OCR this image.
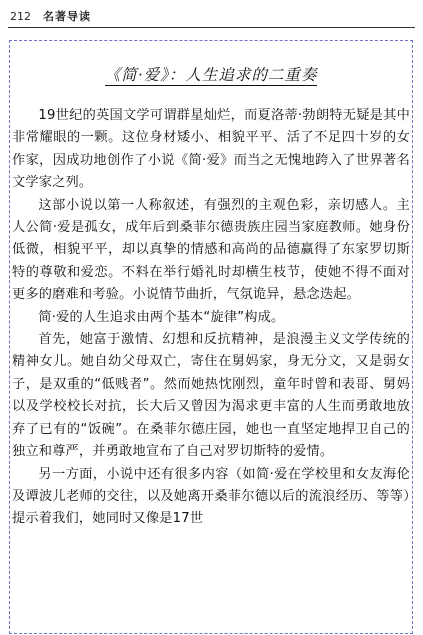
212 名著导读
《简·爱》：人生追求的二重奏

19世纪的英国文学可谓群星灿烂，而夏洛蒂·勃朗特无疑是其中非常耀眼的一颗。这位身材矮小、相貌平平、活了不足四十岁的女作家，因成功地创作了小说《简·爱》而当之无愧地跨入了世界著名文学家之列。

这部小说以第一人称叙述，有强烈的主观色彩，亲切感人。主人公简·爱是孤女，成年后到桑菲尔德贵族庄园当家庭教师。她身份低微，相貌平平，却以真挚的情感和高尚的品德赢得了东家罗切斯特的尊敬和爱恋。不料在举行婚礼时却横生枝节，使她不得不面对更多的磨难和考验。小说情节曲折，气氛诡异，悬念迭起。

简·爱的人生追求由两个基本“旋律”构成。

首先，她富于激情、幻想和反抗精神，是浪漫主义文学传统的精神女儿。她自幼父母双亡，寄住在舅妈家，身无分文，又是弱女子，是双重的“低贱者”。然而她热忱刚烈，童年时曾和表哥、舅妈以及学校校长对抗，长大后又曾因为渴求更丰富的人生而勇敢地放弃了已有的“饭碗”。在桑菲尔德庄园，她也一直坚定地捍卫自己的独立和尊严，并勇敢地宣布了自己对罗切斯特的爱情。

另一方面，小说中还有很多内容（如简·爱在学校里和女友海伦及谭波儿老师的交往，以及她离开桑菲尔德以后的流浪经历、等等）提示着我们，她同时又像是17世
